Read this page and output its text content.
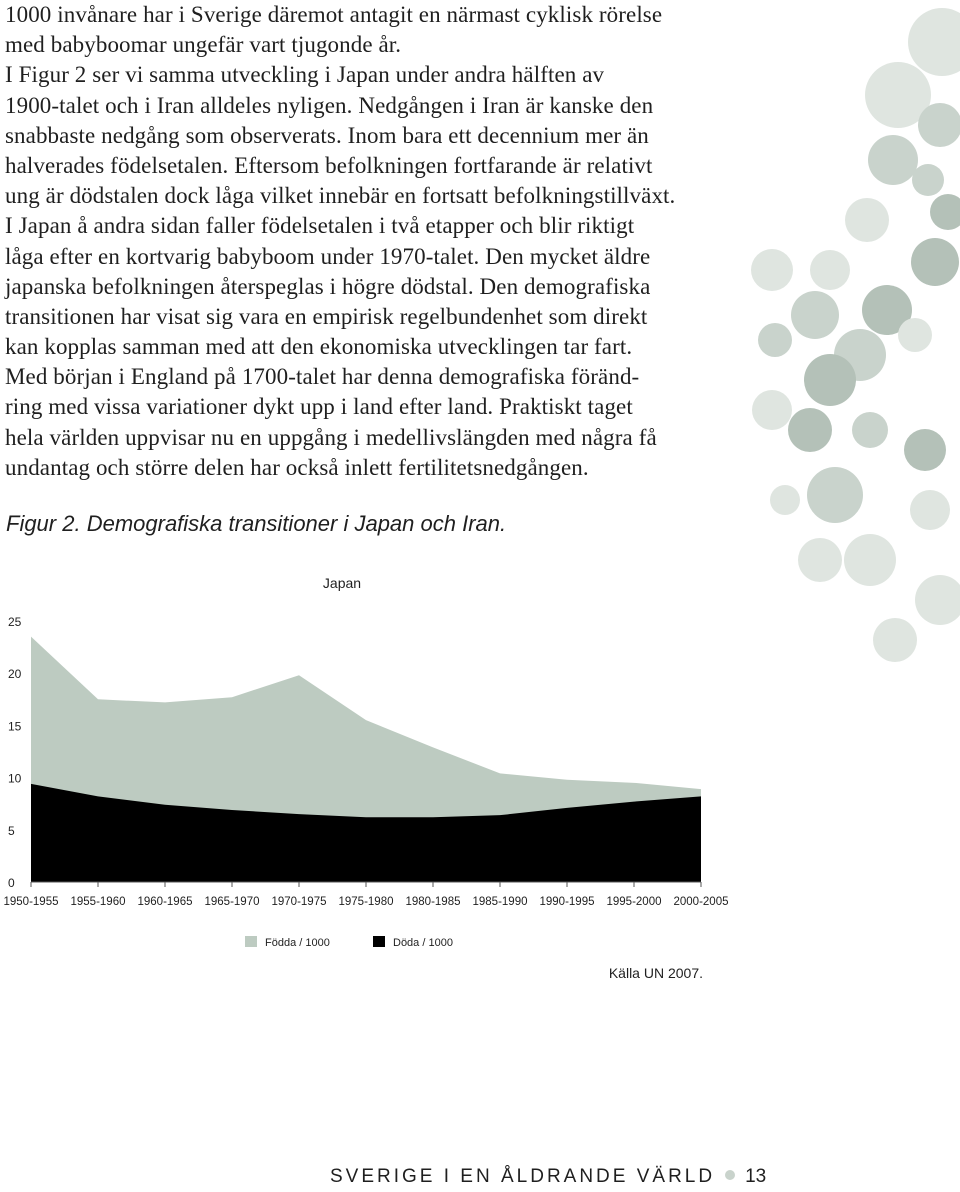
1000 invånare har i Sverige däremot antagit en närmast cyklisk rörelse
med babyboomar ungefär vart tjugonde år.
I Figur 2 ser vi samma utveckling i Japan under andra hälften av
1900-talet och i Iran alldeles nyligen. Nedgången i Iran är kanske den
snabbaste nedgång som observerats. Inom bara ett decennium mer än
halverades födelsetalen. Eftersom befolkningen fortfarande är relativt
ung är dödstalen dock låga vilket innebär en fortsatt befolkningstillväxt.
I Japan å andra sidan faller födelsetalen i två etapper och blir riktigt
låga efter en kortvarig babyboom under 1970-talet. Den mycket äldre
japanska befolkningen återspeglas i högre dödstal. Den demografiska
transitionen har visat sig vara en empirisk regelbundenhet som direkt
kan kopplas samman med att den ekonomiska utvecklingen tar fart.
Med början i England på 1700-talet har denna demografiska föränd-
ring med vissa variationer dykt upp i land efter land. Praktiskt taget
hela världen uppvisar nu en uppgång i medellivslängden med några få
undantag och större delen har också inlett fertilitetsnedgången.

Figur 2. Demografiska transitioner i Japan och Iran.

Japan
0
5
10
15
20
25
1950-1955 1955-1960 1960-1965 1965-1970 1970-1975 1975-1980 1980-1985 1985-1990 1990-1995 1995-2000 2000-2005
Födda / 1000	Döda / 1000
Källa UN 2007.
SVERIGE I EN ÅLDRANDE VÄRLD 13
